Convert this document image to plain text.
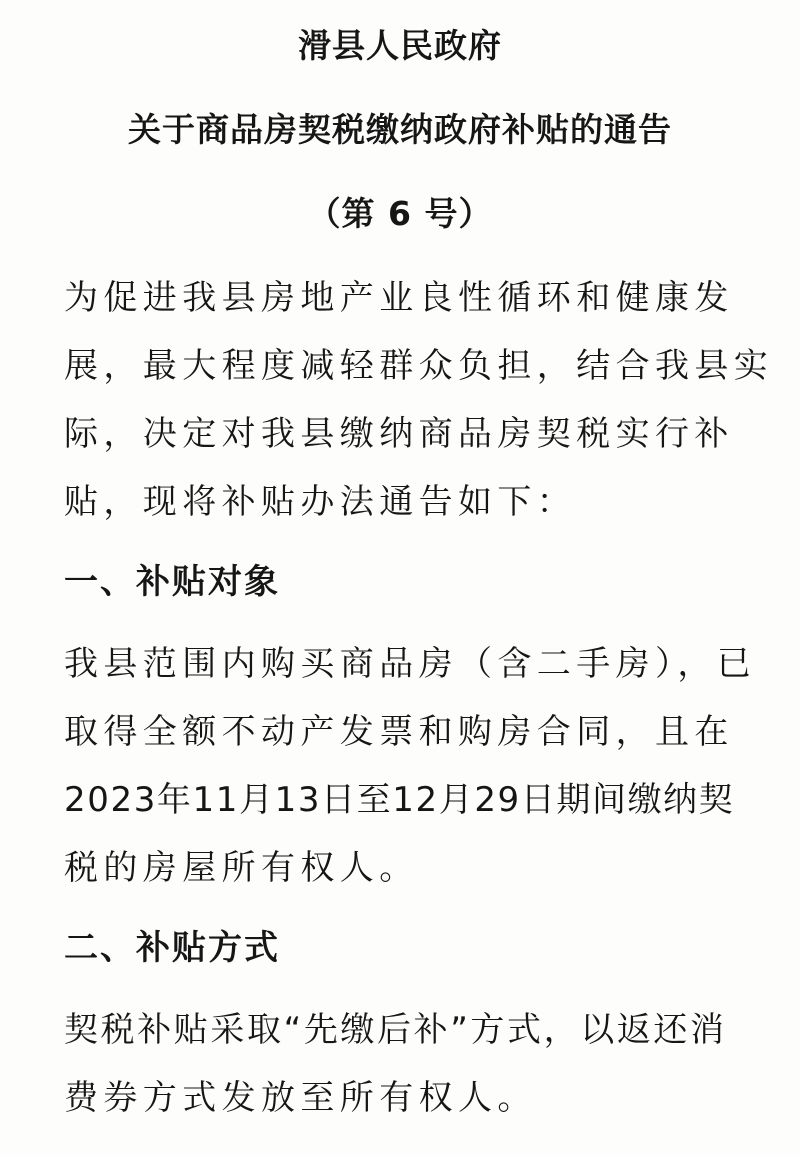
滑县人民政府
关于商品房契税缴纳政府补贴的通告
（第 6 号）
为促进我县房地产业良性循环和健康发
展，最大程度减轻群众负担，结合我县实
际，决定对我县缴纳商品房契税实行补
贴，现将补贴办法通告如下：
一、补贴对象
我县范围内购买商品房（含二手房），已
取得全额不动产发票和购房合同，且在
2023年11月13日至12月29日期间缴纳契
税的房屋所有权人。
二、补贴方式
契税补贴采取“先缴后补”方式，以返还消
费券方式发放至所有权人。
